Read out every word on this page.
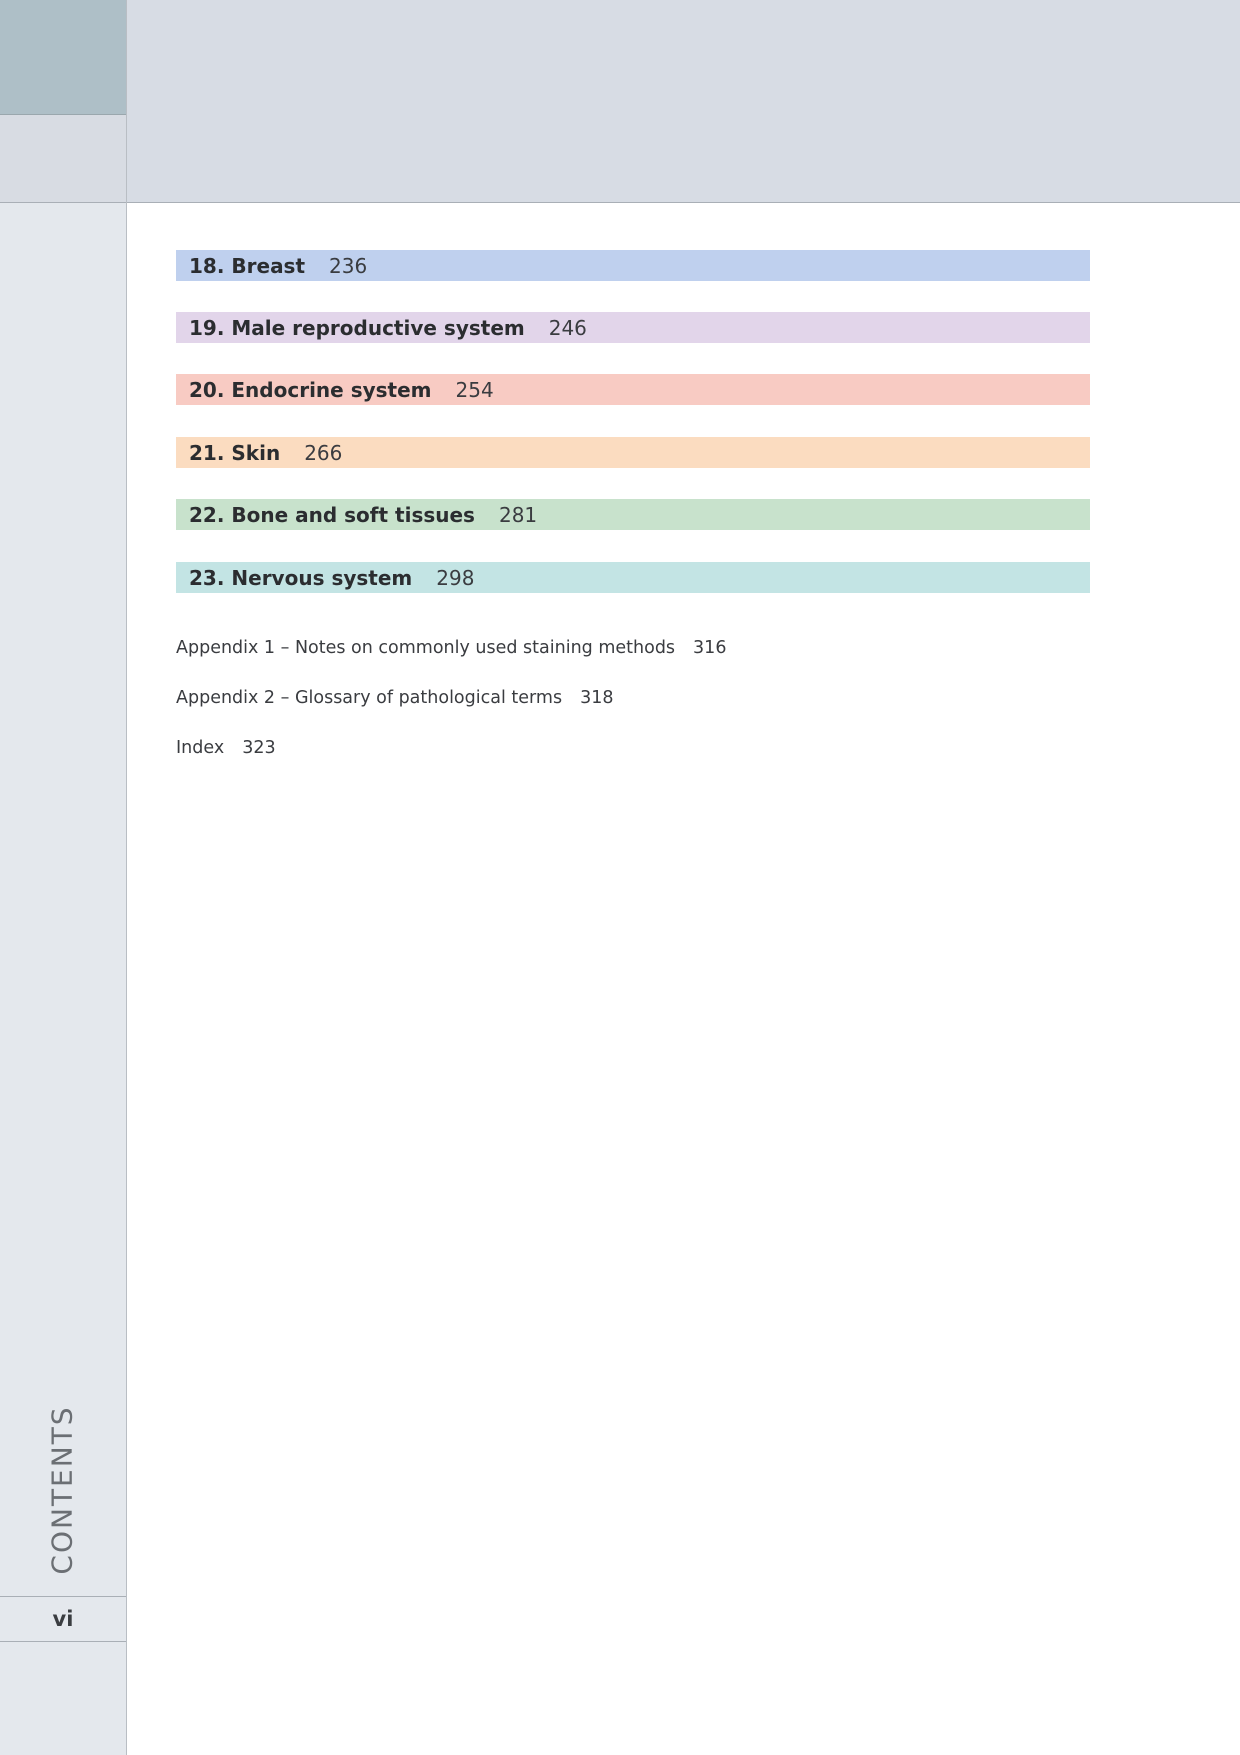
CONTENTS
vi
18. Breast 236
19. Male reproductive system 246
20. Endocrine system 254
21. Skin 266
22. Bone and soft tissues 281
23. Nervous system 298
Appendix 1 – Notes on commonly used staining methods 316
Appendix 2 – Glossary of pathological terms 318
Index 323
